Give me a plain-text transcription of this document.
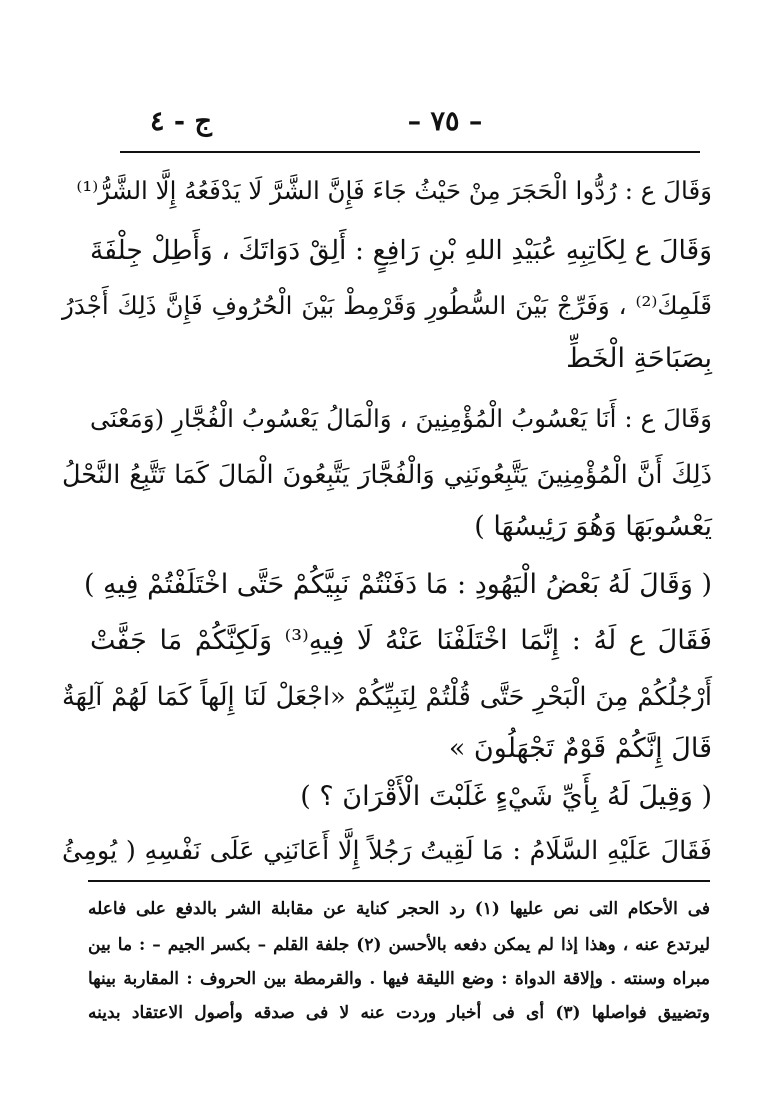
ج - ٤	– ٧٥ –
وَقَالَ ع : رُدُّوا الْحَجَرَ مِنْ حَيْثُ جَاءَ فَإِنَّ الشَّرَّ لَا يَدْفَعُهُ إِلَّا الشَّرُّ⁽¹⁾
وَقَالَ ع لِكَاتِبِهِ عُبَيْدِ اللهِ بْنِ رَافِعٍ : أَلِقْ دَوَاتَكَ ، وَأَطِلْ جِلْفَةَ
قَلَمِكَ⁽²⁾ ، وَفَرِّجْ بَيْنَ السُّطُورِ وَقَرْمِطْ بَيْنَ الْحُرُوفِ فَإِنَّ ذَلِكَ أَجْدَرُ
بِصَبَاحَةِ الْخَطِّ
وَقَالَ ع : أَنَا يَعْسُوبُ الْمُؤْمِنِينَ ، وَالْمَالُ يَعْسُوبُ الْفُجَّارِ (وَمَعْنَى
ذَلِكَ أَنَّ الْمُؤْمِنِينَ يَتَّبِعُونَنِي وَالْفُجَّارَ يَتَّبِعُونَ الْمَالَ كَمَا تَتَّبِعُ النَّحْلُ
يَعْسُوبَهَا وَهُوَ رَئِيسُهَا )
( وَقَالَ لَهُ بَعْضُ الْيَهُودِ : مَا دَفَنْتُمْ نَبِيَّكُمْ حَتَّى اخْتَلَفْتُمْ فِيهِ )
فَقَالَ ع لَهُ : إِنَّمَا اخْتَلَفْنَا عَنْهُ لَا فِيهِ⁽³⁾ وَلَكِنَّكُمْ مَا جَفَّتْ
أَرْجُلُكُمْ مِنَ الْبَحْرِ حَتَّى قُلْتُمْ لِنَبِيِّكُمْ «اجْعَلْ لَنَا إِلَهاً كَمَا لَهُمْ آلِهَةٌ
قَالَ إِنَّكُمْ قَوْمٌ تَجْهَلُونَ »
( وَقِيلَ لَهُ بِأَيِّ شَيْءٍ غَلَبْتَ الْأَقْرَانَ ؟ )
فَقَالَ عَلَيْهِ السَّلَامُ : مَا لَقِيتُ رَجُلاً إِلَّا أَعَانَنِي عَلَى نَفْسِهِ ( يُومِئُ
فى الأحكام التى نص عليها (١) رد الحجر كناية عن مقابلة الشر بالدفع على فاعله
ليرتدع عنه ، وهذا إذا لم يمكن دفعه بالأحسن (٢) جلفة القلم – بكسر الجيم – : ما بين
مبراه وسنته . وإلاقة الدواة : وضع الليقة فيها . والقرمطة بين الحروف : المقاربة بينها
وتضييق فواصلها (٣) أى فى أخبار وردت عنه لا فى صدقه وأصول الاعتقاد بدينه
